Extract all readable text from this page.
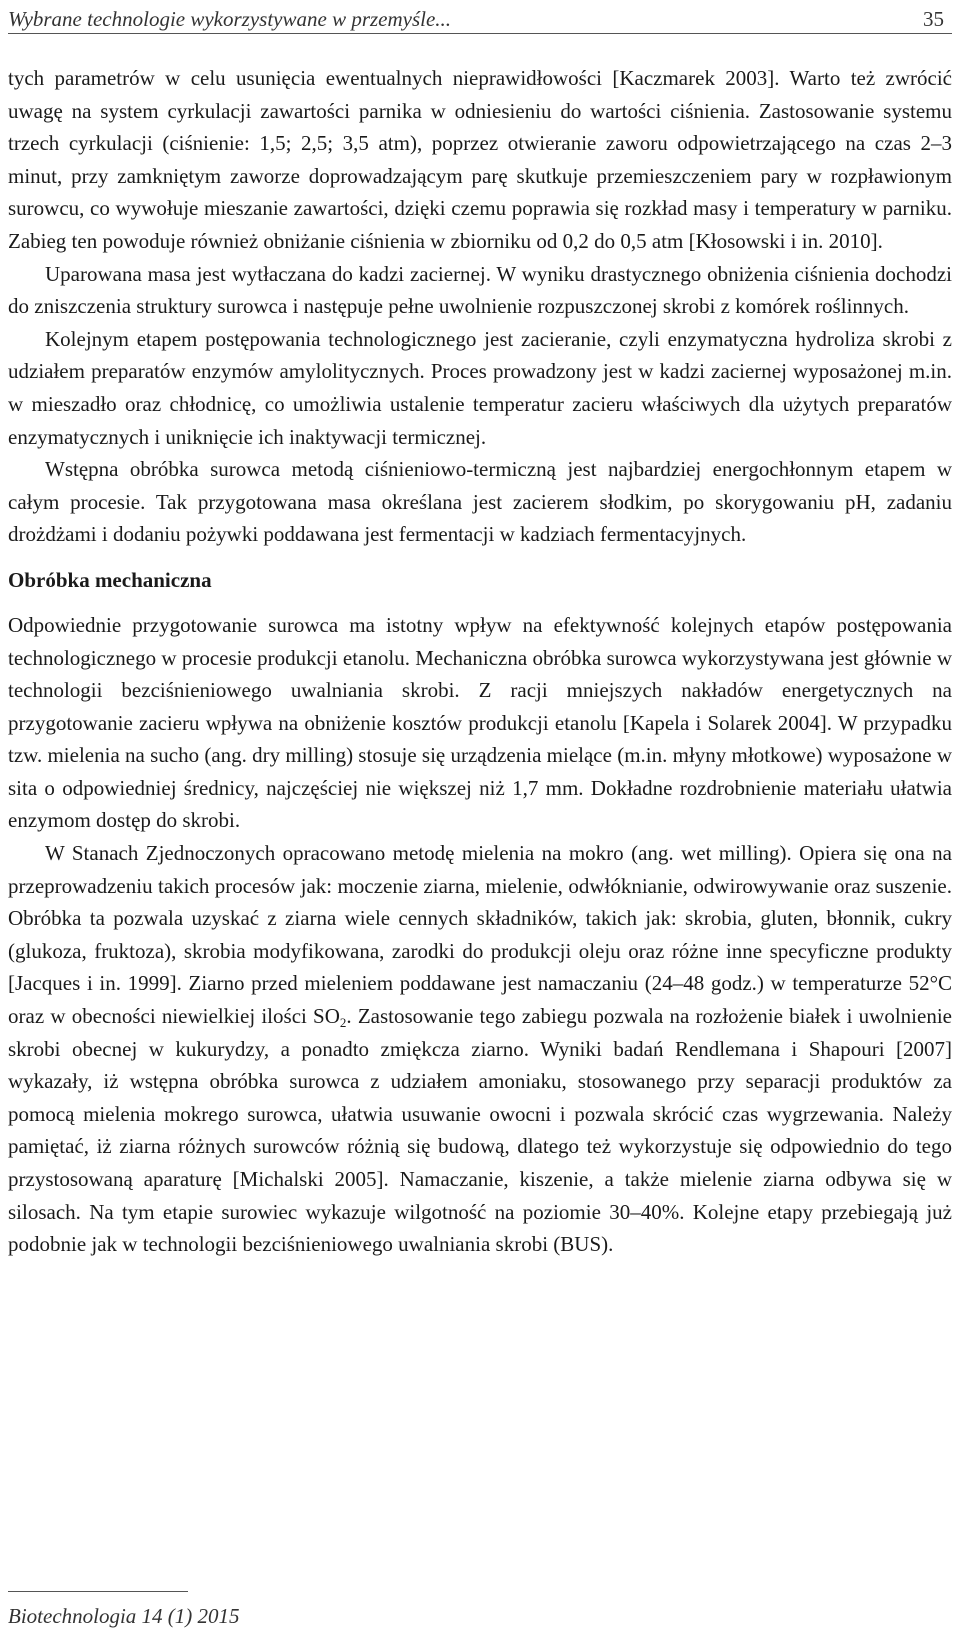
Wybrane technologie wykorzystywane w przemyśle...	35

tych parametrów w celu usunięcia ewentualnych nieprawidłowości [Kaczmarek 2003]. Warto też zwrócić uwagę na system cyrkulacji zawartości parnika w odniesieniu do wartości ciśnienia. Zastosowanie systemu trzech cyrkulacji (ciśnienie: 1,5; 2,5; 3,5 atm), poprzez otwieranie zaworu odpowietrzającego na czas 2–3 minut, przy zamkniętym zaworze doprowadzającym parę skutkuje przemieszczeniem pary w rozpławionym surowcu, co wywołuje mieszanie zawartości, dzięki czemu poprawia się rozkład masy i temperatury w parniku. Zabieg ten powoduje również obniżanie ciśnienia w zbiorniku od 0,2 do 0,5 atm [Kłosowski i in. 2010].

Uparowana masa jest wytłaczana do kadzi zaciernej. W wyniku drastycznego obniżenia ciśnienia dochodzi do zniszczenia struktury surowca i następuje pełne uwolnienie rozpuszczonej skrobi z komórek roślinnych.

Kolejnym etapem postępowania technologicznego jest zacieranie, czyli enzymatyczna hydroliza skrobi z udziałem preparatów enzymów amylolitycznych. Proces prowadzony jest w kadzi zaciernej wyposażonej m.in. w mieszadło oraz chłodnicę, co umożliwia ustalenie temperatur zacieru właściwych dla użytych preparatów enzymatycznych i uniknięcie ich inaktywacji termicznej.

Wstępna obróbka surowca metodą ciśnieniowo-termiczną jest najbardziej energochłonnym etapem w całym procesie. Tak przygotowana masa określana jest zacierem słodkim, po skorygowaniu pH, zadaniu drożdżami i dodaniu pożywki poddawana jest fermentacji w kadziach fermentacyjnych.

Obróbka mechaniczna

Odpowiednie przygotowanie surowca ma istotny wpływ na efektywność kolejnych etapów postępowania technologicznego w procesie produkcji etanolu. Mechaniczna obróbka surowca wykorzystywana jest głównie w technologii bezciśnieniowego uwalniania skrobi. Z racji mniejszych nakładów energetycznych na przygotowanie zacieru wpływa na obniżenie kosztów produkcji etanolu [Kapela i Solarek 2004]. W przypadku tzw. mielenia na sucho (ang. dry milling) stosuje się urządzenia mielące (m.in. młyny młotkowe) wyposażone w sita o odpowiedniej średnicy, najczęściej nie większej niż 1,7 mm. Dokładne rozdrobnienie materiału ułatwia enzymom dostęp do skrobi.

W Stanach Zjednoczonych opracowano metodę mielenia na mokro (ang. wet milling). Opiera się ona na przeprowadzeniu takich procesów jak: moczenie ziarna, mielenie, odwłóknianie, odwirowywanie oraz suszenie. Obróbka ta pozwala uzyskać z ziarna wiele cennych składników, takich jak: skrobia, gluten, błonnik, cukry (glukoza, fruktoza), skrobia modyfikowana, zarodki do produkcji oleju oraz różne inne specyficzne produkty [Jacques i in. 1999]. Ziarno przed mieleniem poddawane jest namaczaniu (24–48 godz.) w temperaturze 52°C oraz w obecności niewielkiej ilości $SO_2$. Zastosowanie tego zabiegu pozwala na rozłożenie białek i uwolnienie skrobi obecnej w kukurydzy, a ponadto zmiękcza ziarno. Wyniki badań Rendlemana i Shapouri [2007] wykazały, iż wstępna obróbka surowca z udziałem amoniaku, stosowanego przy separacji produktów za pomocą mielenia mokrego surowca, ułatwia usuwanie owocni i pozwala skrócić czas wygrzewania. Należy pamiętać, iż ziarna różnych surowców różnią się budową, dlatego też wykorzystuje się odpowiednio do tego przystosowaną aparaturę [Michalski 2005]. Namaczanie, kiszenie, a także mielenie ziarna odbywa się w silosach. Na tym etapie surowiec wykazuje wilgotność na poziomie 30–40%. Kolejne etapy przebiegają już podobnie jak w technologii bezciśnieniowego uwalniania skrobi (BUS).

Biotechnologia 14 (1) 2015
